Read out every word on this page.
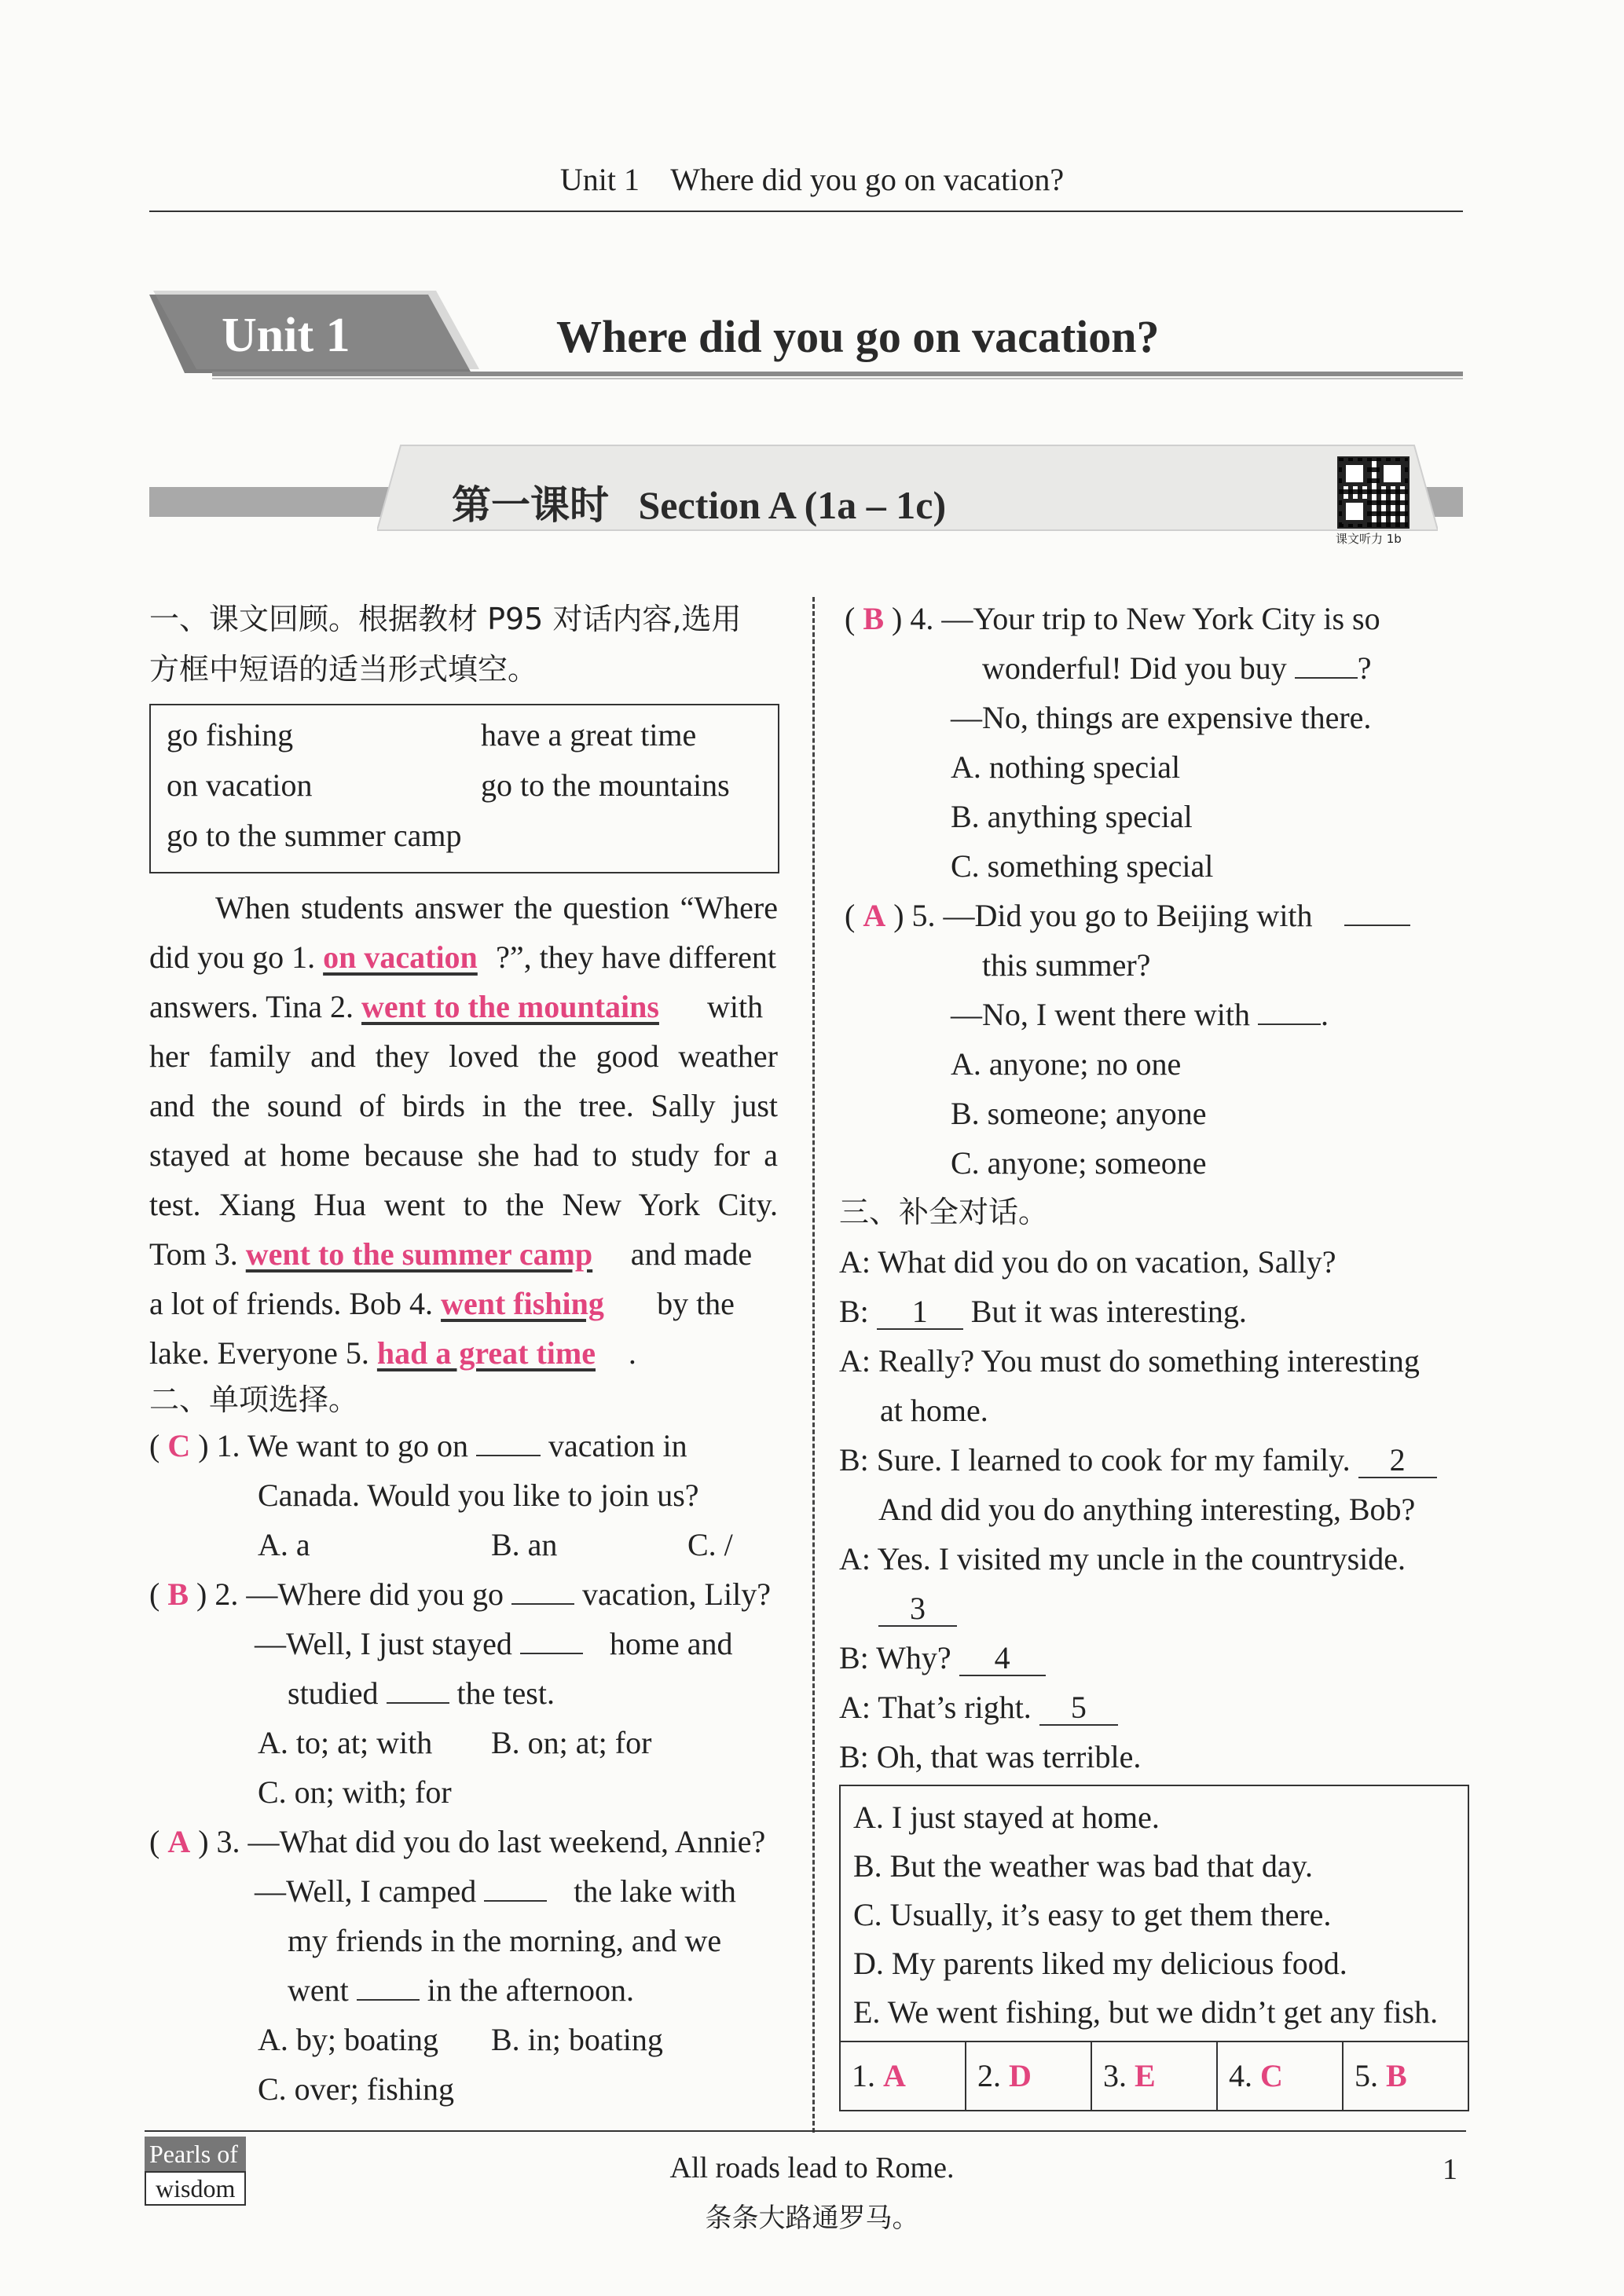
Unit 1    Where did you go on vacation?
Unit 1	Where did you go on vacation?
第一课时   Section A (1a – 1c)
课文听力 1b
一、课文回顾。根据教材 P95 对话内容,选用
方框中短语的适当形式填空。
go fishing	have a great time
on vacation	go to the mountains
go to the summer camp
When students answer the question “Where
did you go 1. on vacation ?”, they have different
answers. Tina 2. went to the mountains with
her family and they loved the good weather
and the sound of birds in the tree. Sally just
stayed at home because she had to study for a
test. Xiang Hua went to the New York City.
Tom 3. went to the summer camp and made
a lot of friends. Bob 4. went fishing by the
lake. Everyone 5. had a great time .
二、单项选择。
( C ) 1. We want to go on	vacation in
Canada. Would you like to join us?
A. a	B. an	C. /
( B ) 2. —Where did you go	vacation, Lily?
—Well, I just stayed	home and
studied	the test.
A. to; at; with B. on; at; for
C. on; with; for
( A ) 3. —What did you do last weekend, Annie?
—Well, I camped	the lake with
my friends in the morning, and we
went	in the afternoon.
A. by; boating B. in; boating
C. over; fishing
( B ) 4. —Your trip to New York City is so
wonderful! Did you buy ?
—No, things are expensive there.
A. nothing special
B. anything special
C. something special
( A ) 5. —Did you go to Beijing with
this summer?
—No, I went there with .
A. anyone; no one
B. someone; anyone
C. anyone; someone
三、补全对话。
A: What did you do on vacation, Sally?
B: 1 But it was interesting.
A: Really? You must do something interesting
at home.
B: Sure. I learned to cook for my family. 2
And did you do anything interesting, Bob?
A: Yes. I visited my uncle in the countryside.
3
B: Why? 4
A: That’s right. 5
B: Oh, that was terrible.
A. I just stayed at home.
B. But the weather was bad that day.
C. Usually, it’s easy to get them there.
D. My parents liked my delicious food.
E. We went fishing, but we didn’t get any fish.
1. A	2. D	3. E	4. C	5. B
Pearls of
wisdom
All roads lead to Rome.
条条大路通罗马。
1
